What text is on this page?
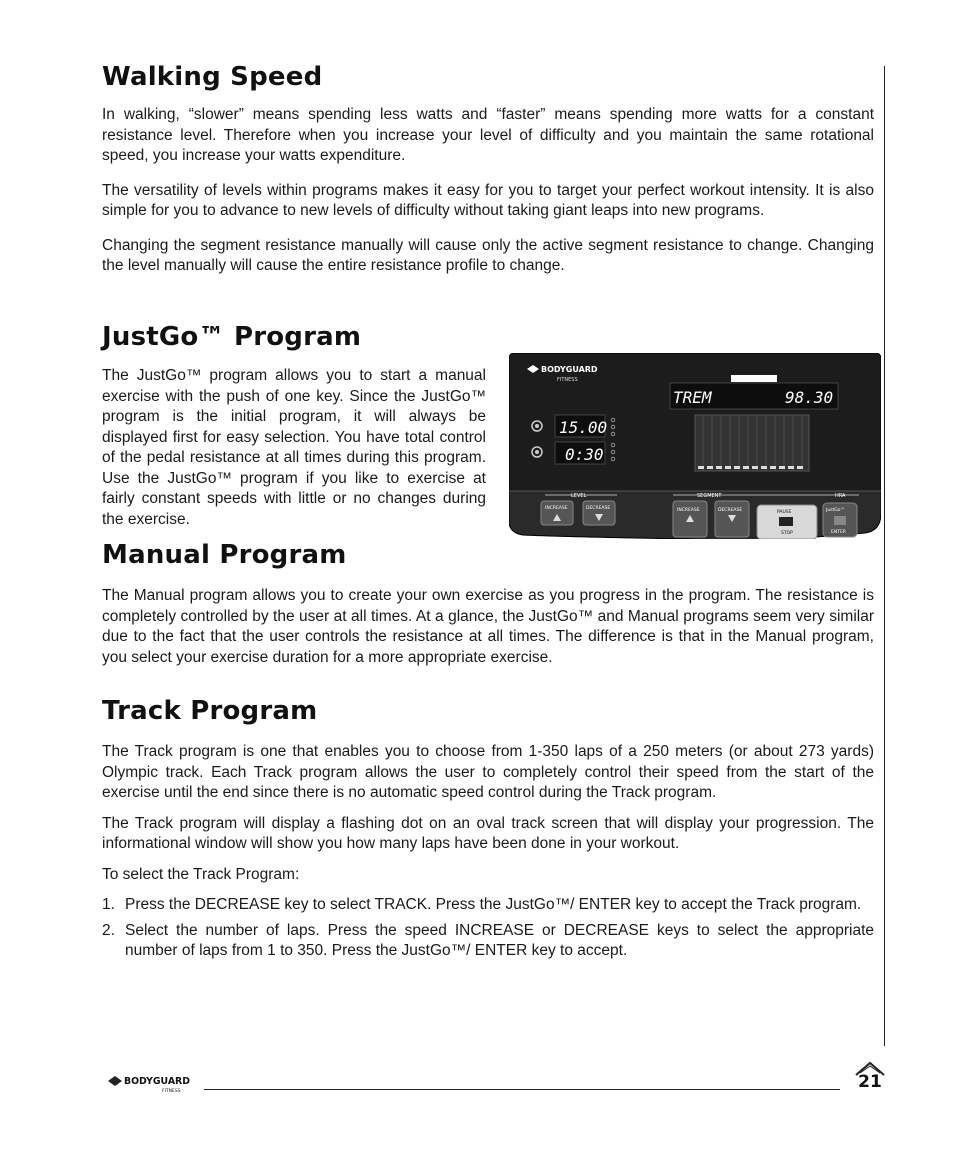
Walking Speed

In walking, “slower” means spending less watts and “faster” means spending more watts for a constant resistance level. Therefore when you increase your level of difficulty and you maintain the same rotational speed, you increase your watts expenditure.

The versatility of levels within programs makes it easy for you to target your perfect workout intensity. It is also simple for you to advance to new levels of difficulty without taking giant leaps into new programs.

Changing the segment resistance manually will cause only the active segment resistance to change. Changing the level manually will cause the entire resistance profile to change.

JustGo™ Program

The JustGo™ program allows you to start a manual exercise with the push of one key. Since the JustGo™ program is the initial program, it will always be displayed first for easy selection. You have total control of the pedal resistance at all times during this program. Use the JustGo™ program if you like to exercise at fairly constant speeds with little or no changes during the exercise.

Manual Program

The Manual program allows you to create your own exercise as you progress in the program. The resistance is completely controlled by the user at all times. At a glance, the JustGo™ and Manual programs seem very similar due to the fact that the user controls the resistance at all times. The difference is that in the Manual program, you select your exercise duration for a more appropriate exercise.

Track Program

The Track program is one that enables you to choose from 1-350 laps of a 250 meters (or about 273 yards) Olympic track. Each Track program allows the user to completely control their speed from the start of the exercise until the end since there is no automatic speed control during the Track program.

The Track program will display a flashing dot on an oval track screen that will display your progression. The informational window will show you how many laps have been done in your workout.

To select the Track Program:

1. Press the DECREASE key to select TRACK. Press the JustGo™/ ENTER key to accept the Track program.
2. Select the number of laps. Press the speed INCREASE or DECREASE keys to select the appropriate number of laps from 1 to 350. Press the JustGo™/ ENTER key to accept.
BODYGUARD
FITNESS
TREM	98.30
15.00
0:30
LEVEL	SEGMENT	HRA
INCREASE	DECREASE	INCREASE	DECREASE	PAUSE
STOP
JustGo™
ENTER
BODYGUARD
FITNESS	21
